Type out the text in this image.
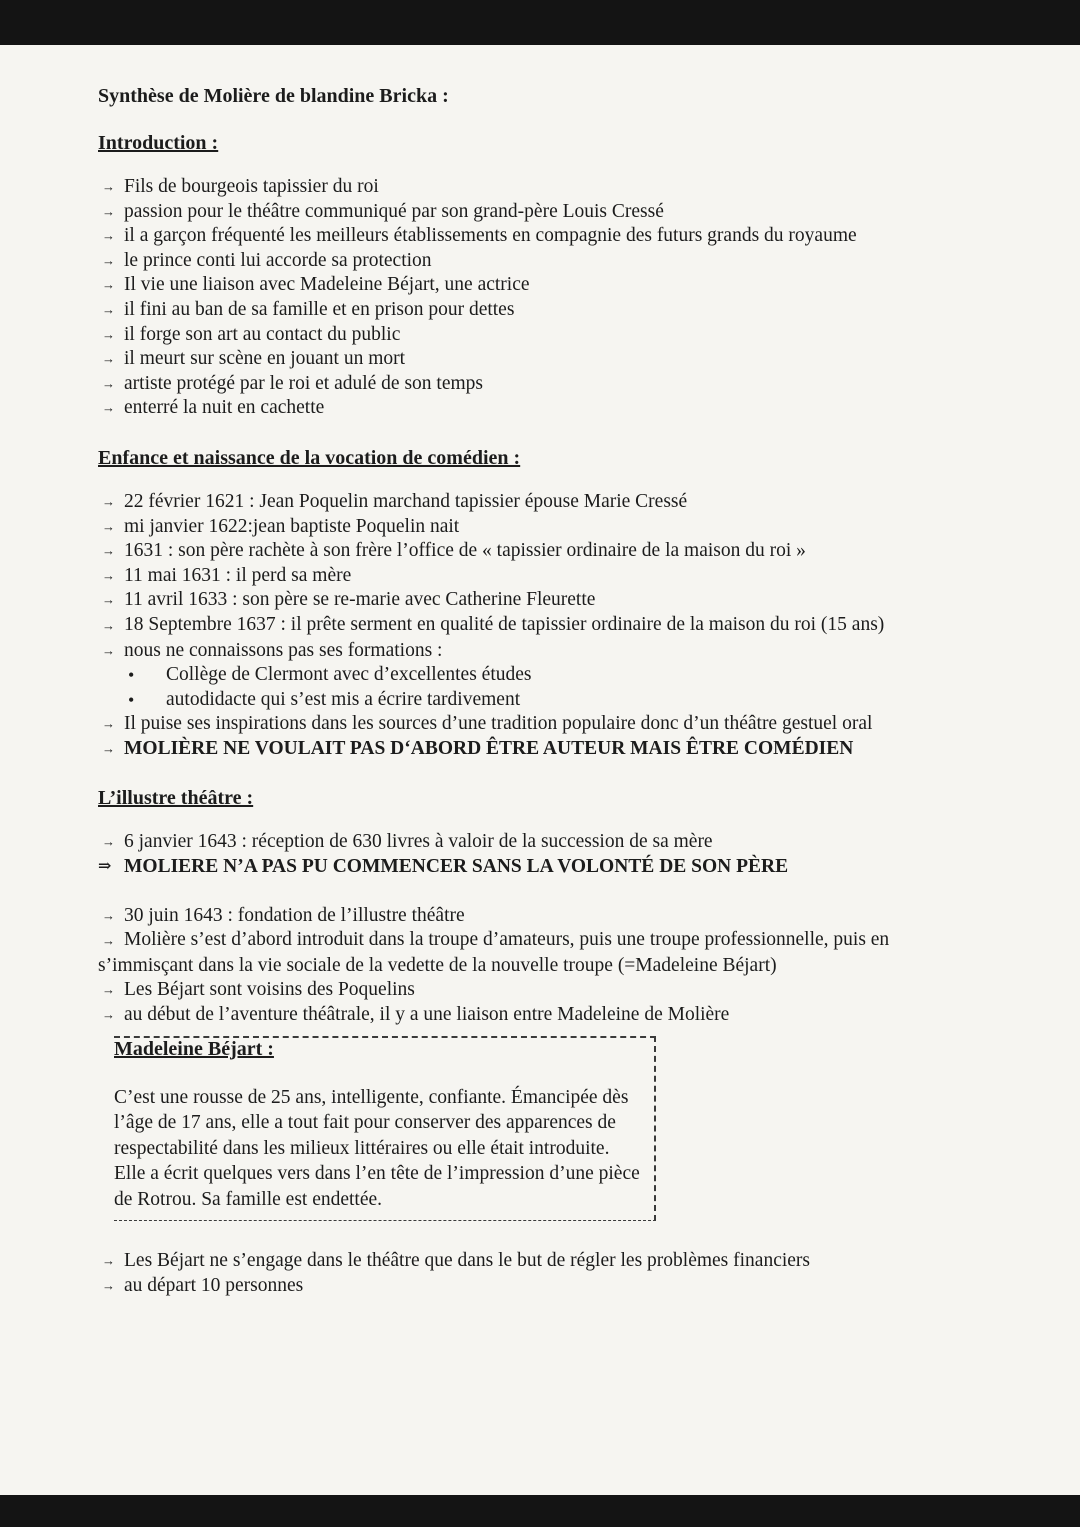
Synthèse de Molière de blandine Bricka :
Introduction :
→ Fils de bourgeois tapissier du roi
→ passion pour le théâtre communiqué par son grand-père Louis Cressé
→ il a garçon fréquenté les meilleurs établissements en compagnie des futurs grands du royaume
→ le prince conti lui accorde sa protection
→ Il vie une liaison avec Madeleine Béjart, une actrice
→ il fini au ban de sa famille et en prison pour dettes
→ il forge son art au contact du public
→ il meurt sur scène en jouant un mort
→ artiste protégé par le roi et adulé de son temps
→ enterré la nuit en cachette
Enfance et naissance de la vocation de comédien :
→ 22 février 1621 : Jean Poquelin marchand tapissier épouse Marie Cressé
→ mi janvier 1622:jean baptiste Poquelin nait
→ 1631 : son père rachète à son frère l’office de « tapissier ordinaire de la maison du roi »
→ 11 mai 1631 : il perd sa mère
→ 11 avril 1633 : son père se re-marie avec Catherine Fleurette
→ 18 Septembre 1637 : il prête serment en qualité de tapissier ordinaire de la maison du roi (15 ans)
→ nous ne connaissons pas ses formations :
•	Collège de Clermont avec d’excellentes études
•	autodidacte qui s’est mis a écrire tardivement
→ Il puise ses inspirations dans les sources d’une tradition populaire donc d’un théâtre gestuel oral
→ MOLIÈRE NE VOULAIT PAS D‘ABORD ÊTRE AUTEUR MAIS ÊTRE COMÉDIEN
L’illustre théâtre :
→ 6 janvier 1643 : réception de 630 livres à valoir de la succession de sa mère
⇒ MOLIERE N’A PAS PU COMMENCER SANS LA VOLONTÉ DE SON PÈRE
→ 30 juin 1643 : fondation de l’illustre théâtre
→ Molière s’est d’abord introduit dans la troupe d’amateurs, puis une troupe professionnelle, puis en s’immisçant dans la vie sociale de la vedette de la nouvelle troupe (=Madeleine Béjart)
→ Les Béjart sont voisins des Poquelins
→ au début de l’aventure théâtrale, il y a une liaison entre Madeleine de Molière
Madeleine Béjart :

C’est une rousse de 25 ans, intelligente, confiante. Émancipée dès l’âge de 17 ans, elle a tout fait pour conserver des apparences de respectabilité dans les milieux littéraires ou elle était introduite.

Elle a écrit quelques vers dans l’en tête de l’impression d’une pièce de Rotrou. Sa famille est endettée.

→ Les Béjart ne s’engage dans le théâtre que dans le but de régler les problèmes financiers
→ au départ 10 personnes
